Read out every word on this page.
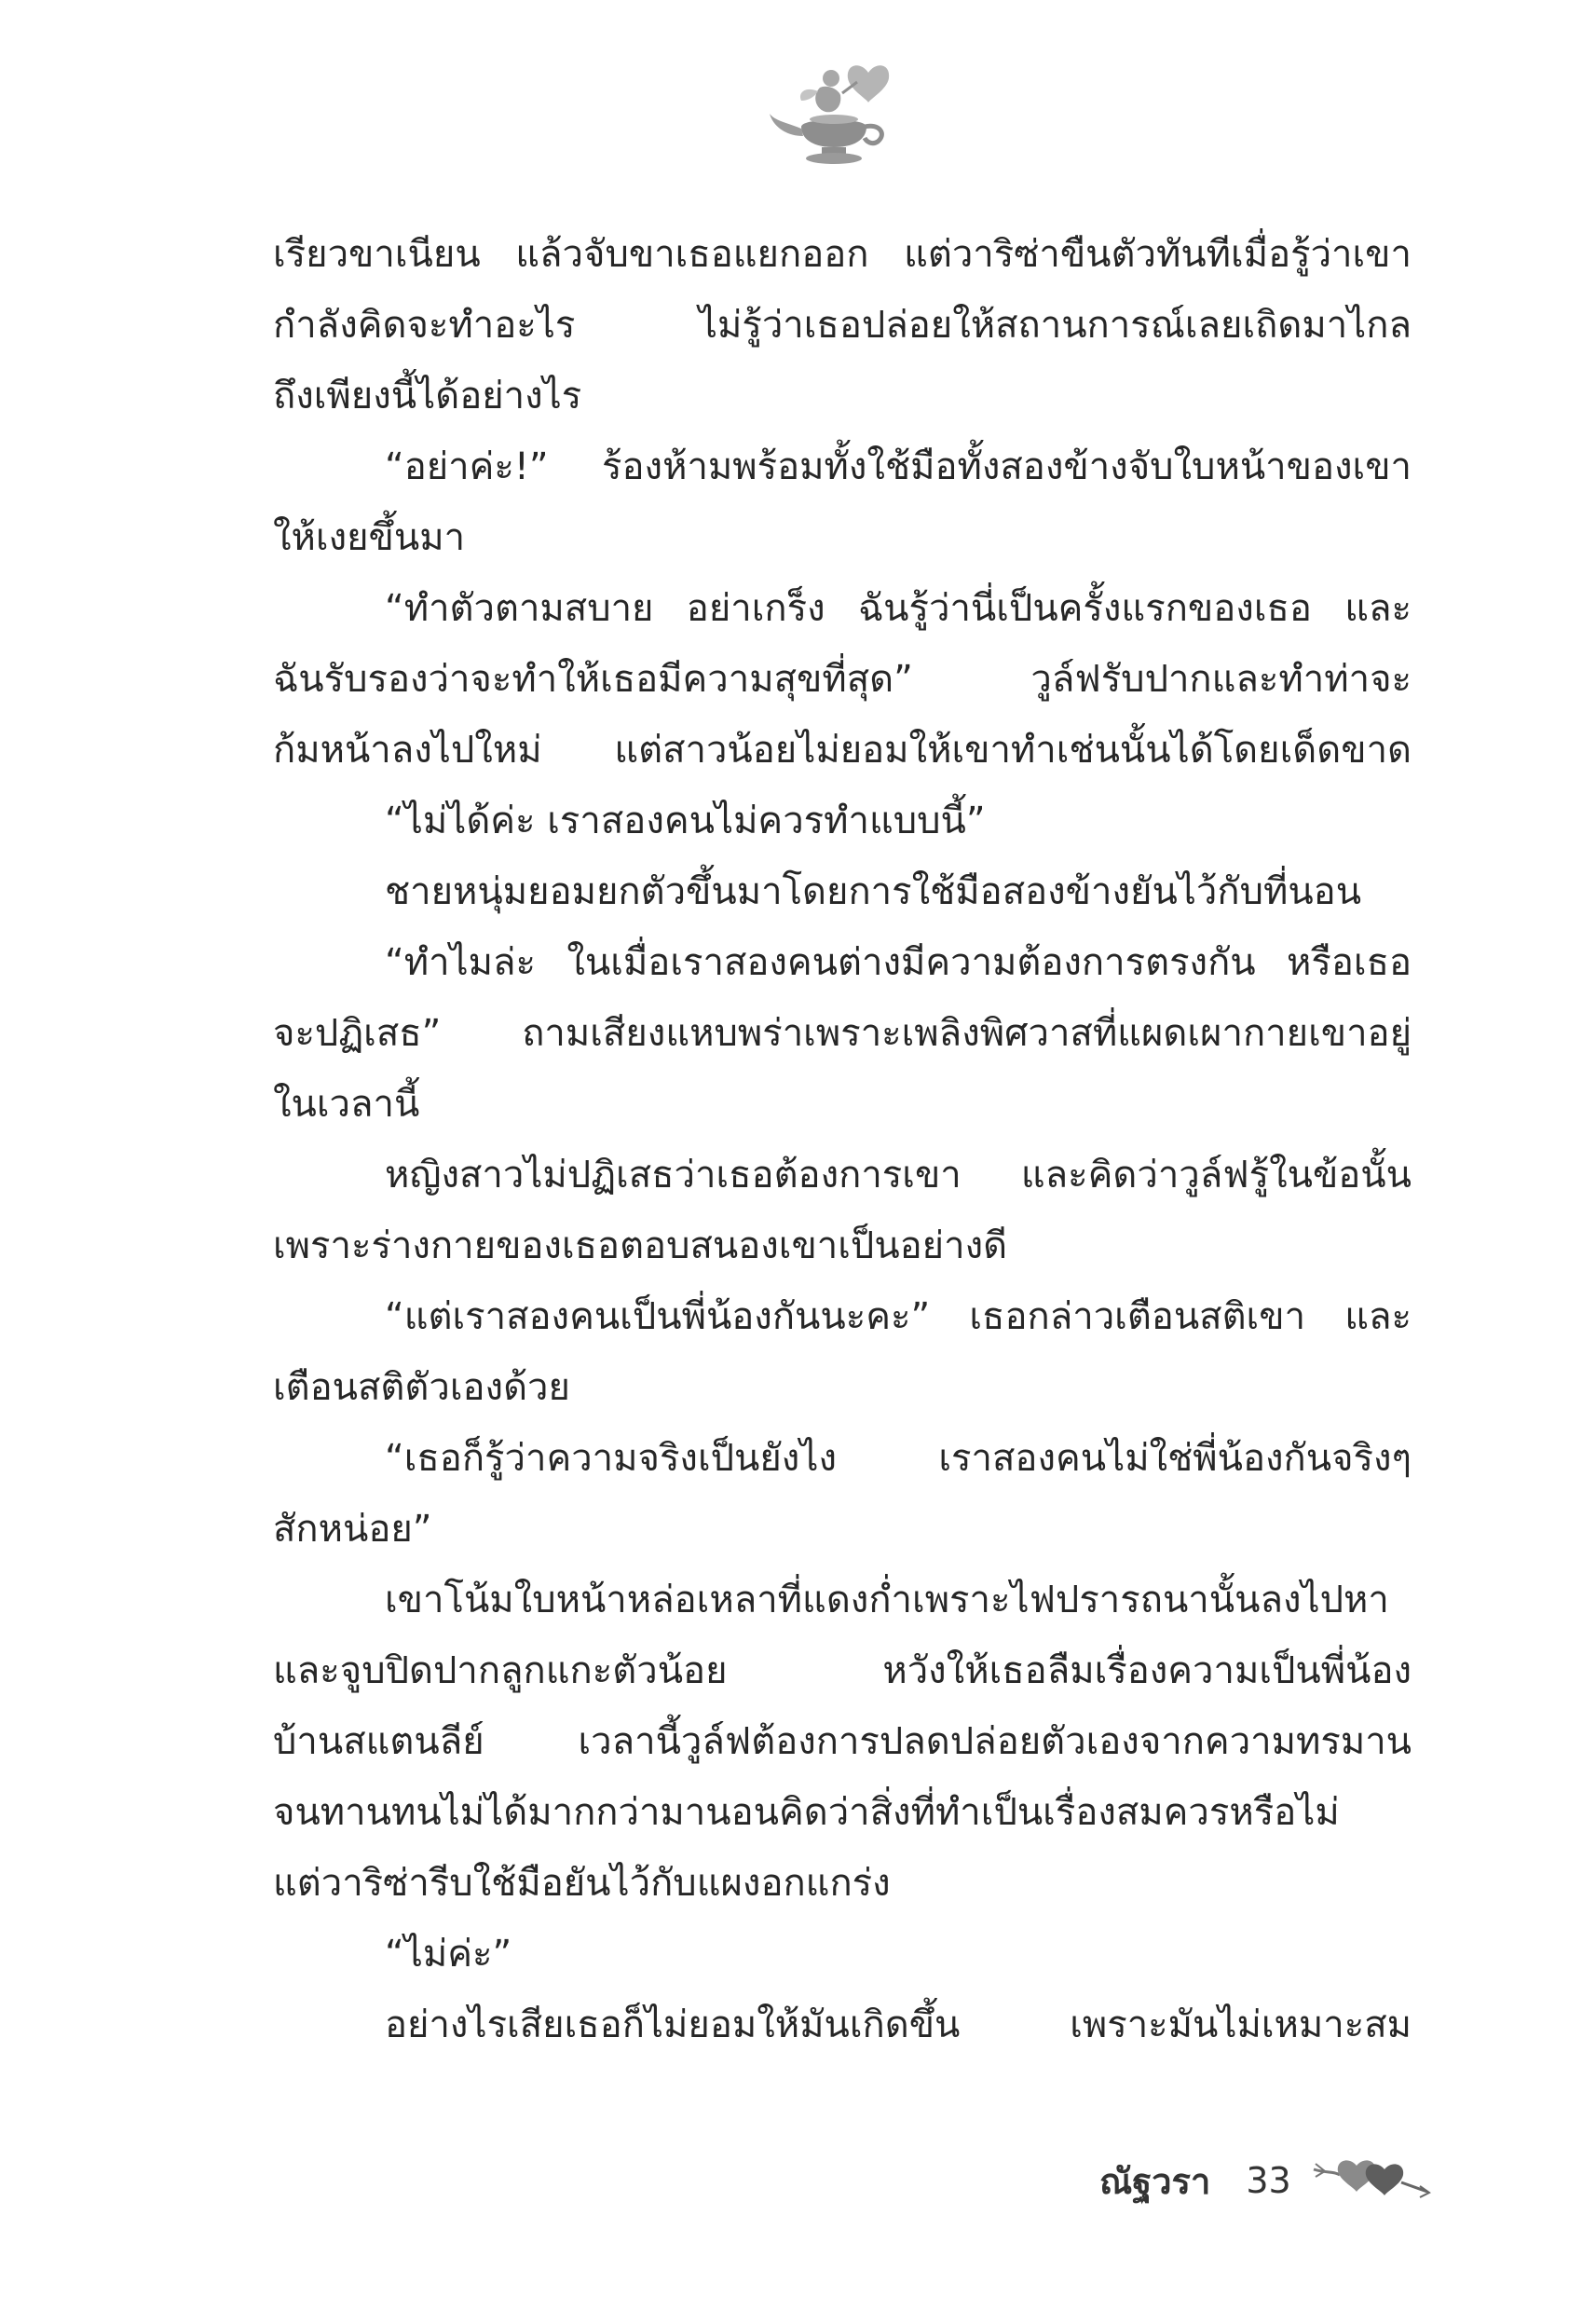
เรียวขาเนียน แล้วจับขาเธอแยกออก แต่วาริซ่าขืนตัวทันทีเมื่อรู้ว่าเขา
กำลังคิดจะทำอะไร ไม่รู้ว่าเธอปล่อยให้สถานการณ์เลยเถิดมาไกล
ถึงเพียงนี้ได้อย่างไร
“อย่าค่ะ!” ร้องห้ามพร้อมทั้งใช้มือทั้งสองข้างจับใบหน้าของเขา
ให้เงยขึ้นมา
“ทำตัวตามสบาย อย่าเกร็ง ฉันรู้ว่านี่เป็นครั้งแรกของเธอ และ
ฉันรับรองว่าจะทำให้เธอมีความสุขที่สุด” วูล์ฟรับปากและทำท่าจะ
ก้มหน้าลงไปใหม่ แต่สาวน้อยไม่ยอมให้เขาทำเช่นนั้นได้โดยเด็ดขาด
“ไม่ได้ค่ะ เราสองคนไม่ควรทำแบบนี้”
ชายหนุ่มยอมยกตัวขึ้นมาโดยการใช้มือสองข้างยันไว้กับที่นอน
“ทำไมล่ะ ในเมื่อเราสองคนต่างมีความต้องการตรงกัน หรือเธอ
จะปฏิเสธ” ถามเสียงแหบพร่าเพราะเพลิงพิศวาสที่แผดเผากายเขาอยู่
ในเวลานี้
หญิงสาวไม่ปฏิเสธว่าเธอต้องการเขา และคิดว่าวูล์ฟรู้ในข้อนั้น
เพราะร่างกายของเธอตอบสนองเขาเป็นอย่างดี
“แต่เราสองคนเป็นพี่น้องกันนะคะ” เธอกล่าวเตือนสติเขา และ
เตือนสติตัวเองด้วย
“เธอก็รู้ว่าความจริงเป็นยังไง เราสองคนไม่ใช่พี่น้องกันจริงๆ
สักหน่อย”
เขาโน้มใบหน้าหล่อเหลาที่แดงก่ำเพราะไฟปรารถนานั้นลงไปหา
และจูบปิดปากลูกแกะตัวน้อย หวังให้เธอลืมเรื่องความเป็นพี่น้อง
บ้านสแตนลีย์ เวลานี้วูล์ฟต้องการปลดปล่อยตัวเองจากความทรมาน
จนทานทนไม่ได้มากกว่ามานอนคิดว่าสิ่งที่ทำเป็นเรื่องสมควรหรือไม่
แต่วาริซ่ารีบใช้มือยันไว้กับแผงอกแกร่ง
“ไม่ค่ะ”
อย่างไรเสียเธอก็ไม่ยอมให้มันเกิดขึ้น เพราะมันไม่เหมาะสม
ณัฐวรา 33
